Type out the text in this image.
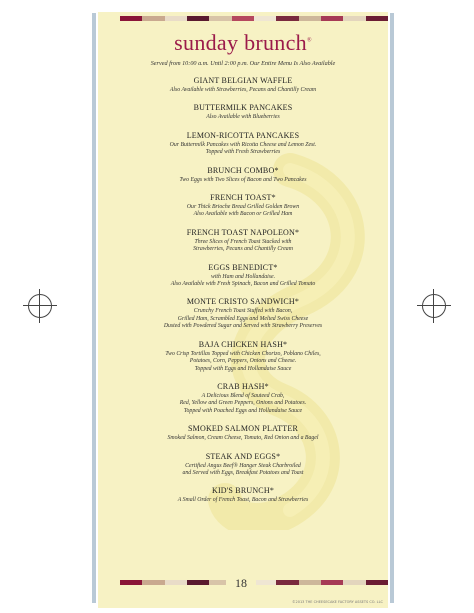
sunday brunch®
Served from 10:00 a.m. Until 2:00 p.m. Our Entire Menu Is Also Available
GIANT BELGIAN WAFFLE
Also Available with Strawberries, Pecans and Chantilly Cream
BUTTERMILK PANCAKES
Also Available with Blueberries
LEMON-RICOTTA PANCAKES
Our Buttermilk Pancakes with Ricotta Cheese and Lemon Zest.
Topped with Fresh Strawberries
BRUNCH COMBO*
Two Eggs with Two Slices of Bacon and Two Pancakes
FRENCH TOAST*
Our Thick Brioche Bread Grilled Golden Brown
Also Available with Bacon or Grilled Ham
FRENCH TOAST NAPOLEON*
Three Slices of French Toast Stacked with
Strawberries, Pecans and Chantilly Cream
EGGS BENEDICT*
with Ham and Hollandaise.
Also Available with Fresh Spinach, Bacon and Grilled Tomato
MONTE CRISTO SANDWICH*
Crunchy French Toast Stuffed with Bacon,
Grilled Ham, Scrambled Eggs and Melted Swiss Cheese
Dusted with Powdered Sugar and Served with Strawberry Preserves
BAJA CHICKEN HASH*
Two Crisp Tortillas Topped with Chicken Chorizo, Poblano Chiles,
Potatoes, Corn, Peppers, Onions and Cheese.
Topped with Eggs and Hollandaise Sauce
CRAB HASH*
A Delicious Blend of Sauteed Crab,
Red, Yellow and Green Peppers, Onions and Potatoes.
Topped with Poached Eggs and Hollandaise Sauce
SMOKED SALMON PLATTER
Smoked Salmon, Cream Cheese, Tomato, Red Onion and a Bagel
STEAK AND EGGS*
Certified Angus Beef® Hanger Steak Charbroiled
and Served with Eggs, Breakfast Potatoes and Toast
KID'S BRUNCH*
A Small Order of French Toast, Bacon and Strawberries
18
©2013 THE CHEESECAKE FACTORY ASSETS CO. LLC
